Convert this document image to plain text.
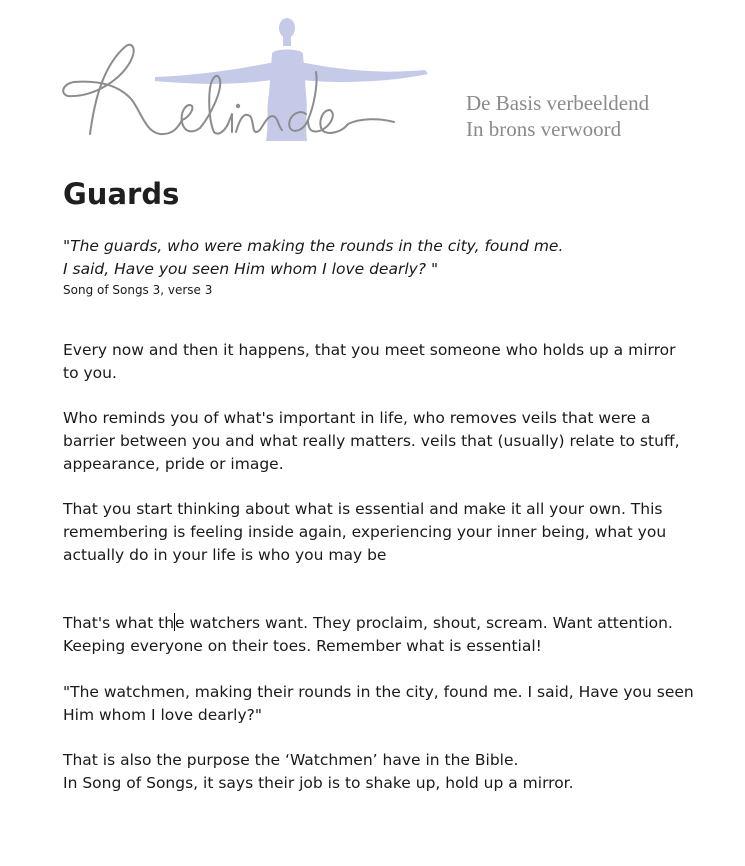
De Basis verbeeldend
In brons verwoord
Guards
"The guards, who were making the rounds in the city, found me.
I said, Have you seen Him whom I love dearly? "
Song of Songs 3, verse 3
Every now and then it happens, that you meet someone who holds up a mirror
to you.
Who reminds you of what's important in life, who removes veils that were a
barrier between you and what really matters. veils that (usually) relate to stuff,
appearance, pride or image.
That you start thinking about what is essential and make it all your own. This
remembering is feeling inside again, experiencing your inner being, what you
actually do in your life is who you may be
That's what the watchers want. They proclaim, shout, scream. Want attention.
Keeping everyone on their toes. Remember what is essential!
"The watchmen, making their rounds in the city, found me. I said, Have you seen
Him whom I love dearly?"
That is also the purpose the ‘Watchmen’ have in the Bible.
In Song of Songs, it says their job is to shake up, hold up a mirror.
